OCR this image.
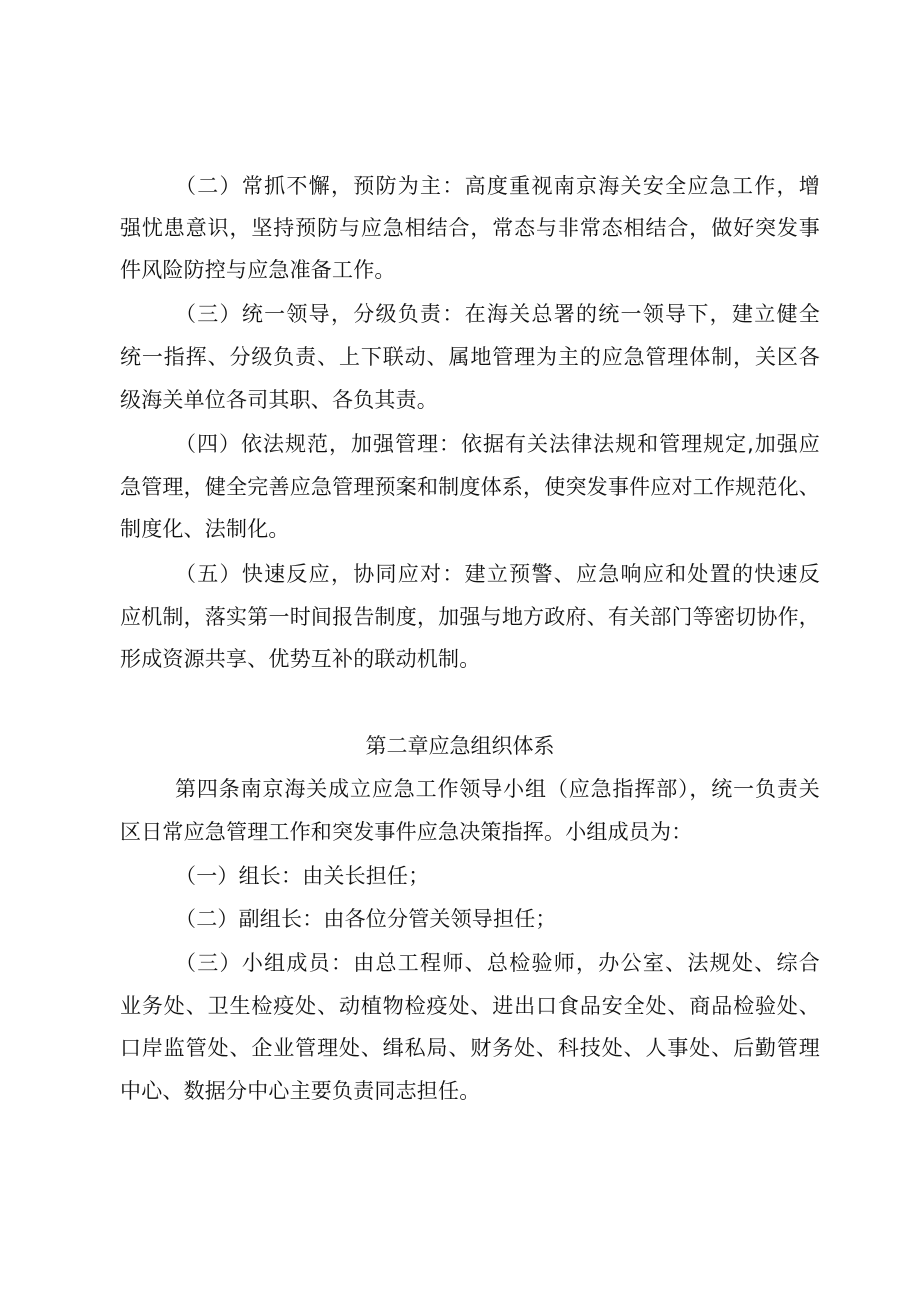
（二）常抓不懈，预防为主：高度重视南京海关安全应急工作，增
强忧患意识，坚持预防与应急相结合，常态与非常态相结合，做好突发事
件风险防控与应急准备工作。
（三）统一领导，分级负责：在海关总署的统一领导下，建立健全
统一指挥、分级负责、上下联动、属地管理为主的应急管理体制，关区各
级海关单位各司其职、各负其责。
（四）依法规范，加强管理：依据有关法律法规和管理规定,加强应
急管理，健全完善应急管理预案和制度体系，使突发事件应对工作规范化、
制度化、法制化。
（五）快速反应，协同应对：建立预警、应急响应和处置的快速反
应机制，落实第一时间报告制度，加强与地方政府、有关部门等密切协作，
形成资源共享、优势互补的联动机制。
第二章应急组织体系
第四条南京海关成立应急工作领导小组（应急指挥部），统一负责关
区日常应急管理工作和突发事件应急决策指挥。小组成员为：
（一）组长：由关长担任；
（二）副组长：由各位分管关领导担任；
（三）小组成员：由总工程师、总检验师，办公室、法规处、综合
业务处、卫生检疫处、动植物检疫处、进出口食品安全处、商品检验处、
口岸监管处、企业管理处、缉私局、财务处、科技处、人事处、后勤管理
中心、数据分中心主要负责同志担任。
